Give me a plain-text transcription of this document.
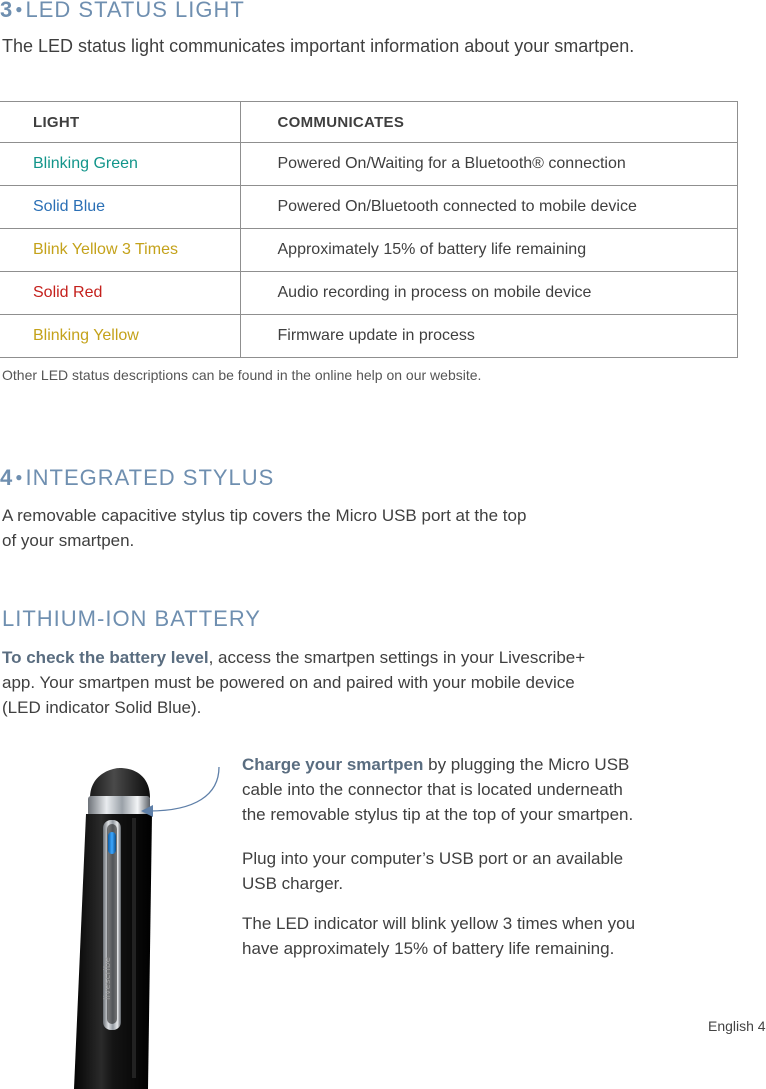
3 ●LED STATUS LIGHT
The LED status light communicates important information about your smartpen.
LIGHT	COMMUNICATES
Blinking Green	Powered On/Waiting for a Bluetooth® connection
Solid Blue	Powered On/Bluetooth connected to mobile device
Blink Yellow 3 Times	Approximately 15% of battery life remaining
Solid Red	Audio recording in process on mobile device
Blinking Yellow	Firmware update in process
Other LED status descriptions can be found in the online help on our website.
4 ●INTEGRATED STYLUS
A removable capacitive stylus tip covers the Micro USB port at the top
of your smartpen.
LITHIUM-ION BATTERY
To check the battery level, access the smartpen settings in your Livescribe+
app. Your smartpen must be powered on and paired with your mobile device
(LED indicator Solid Blue).
Charge your smartpen by plugging the Micro USB
cable into the connector that is located underneath
the removable stylus tip at the top of your smartpen.
Plug into your computer’s USB port or an available
USB charger.
The LED indicator will blink yellow 3 times when you
have approximately 15% of battery life remaining.
livescribe
English 4
